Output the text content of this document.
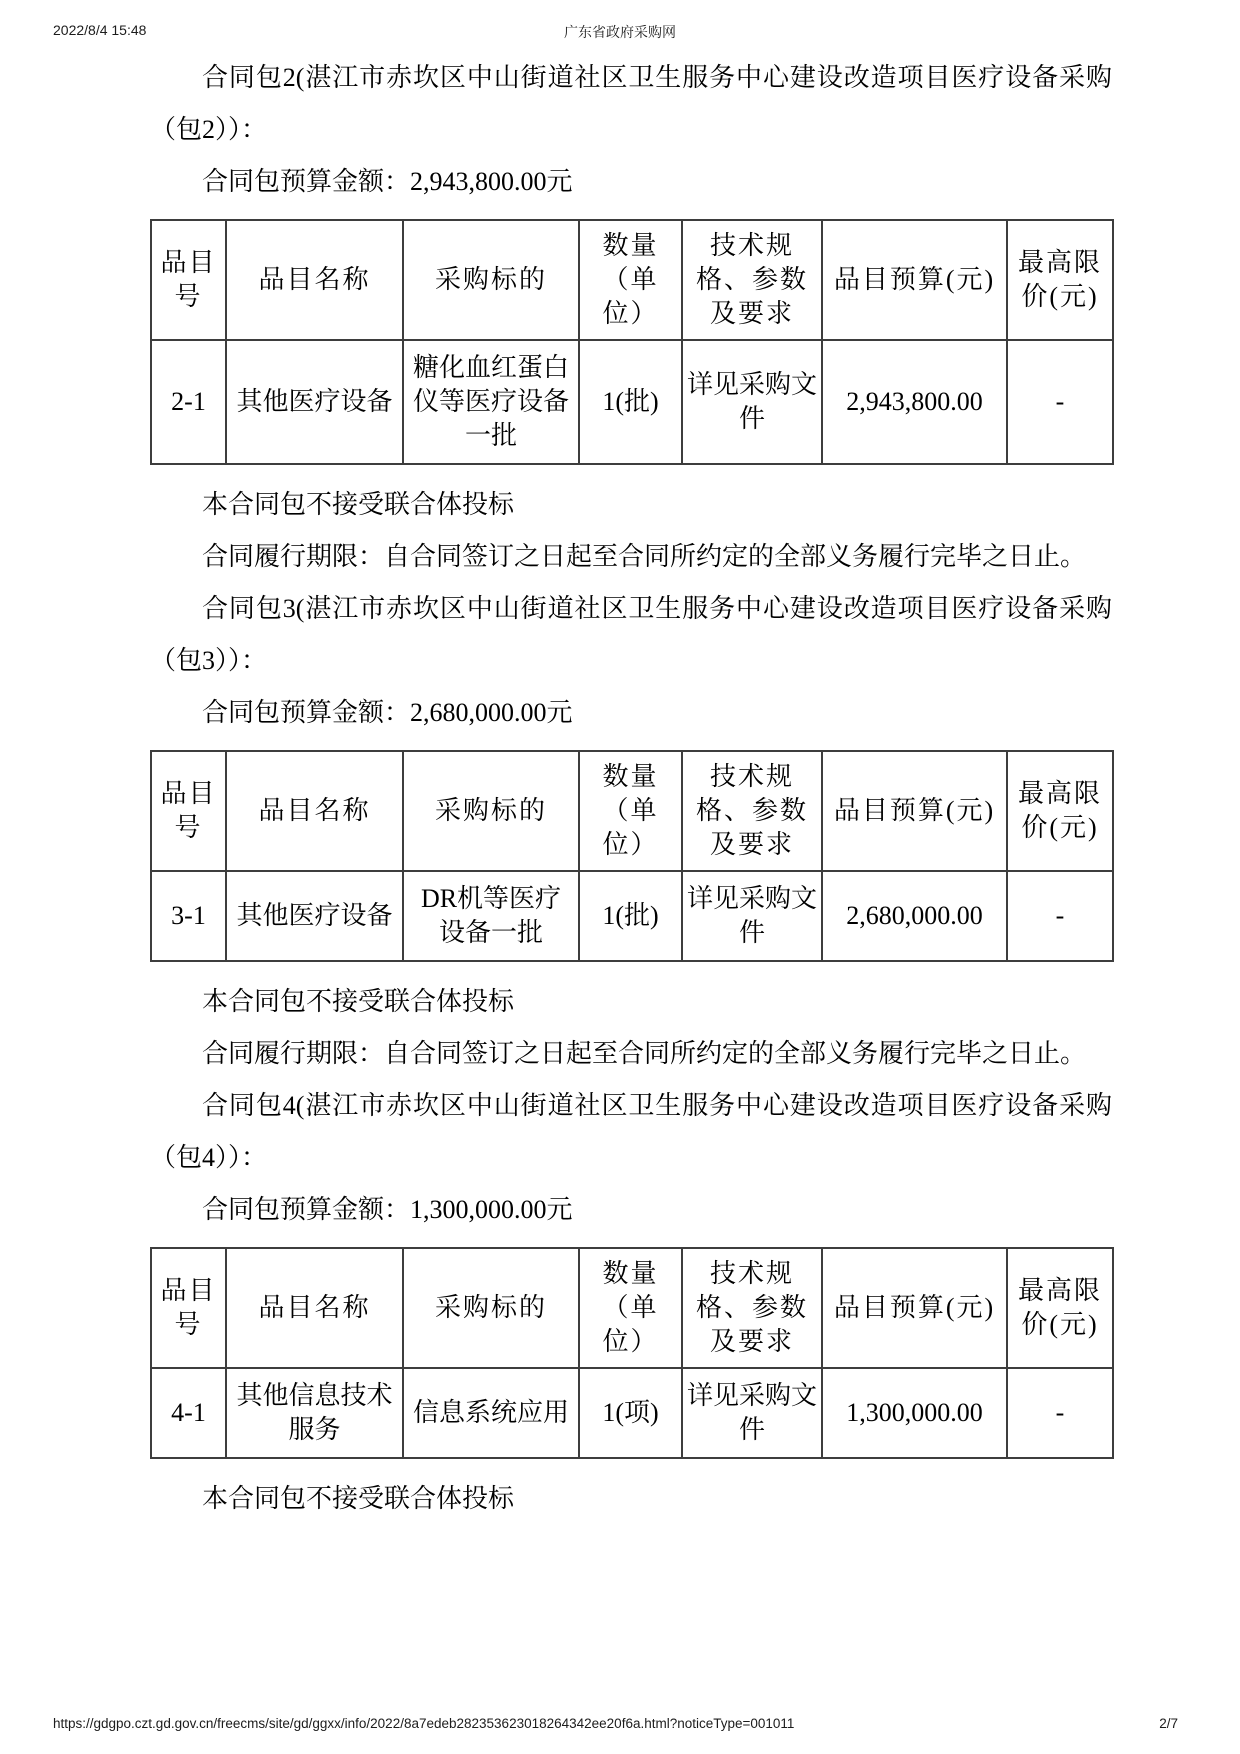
2022/8/4 15:48	广东省政府采购网

合同包2(湛江市赤坎区中山街道社区卫生服务中心建设改造项目医疗设备采购（包2））：

合同包预算金额：2,943,800.00元

品目号	品目名称	采购标的	数量（单位）	技术规格、参数及要求	品目预算(元)	最高限价(元)
2-1	其他医疗设备	糖化血红蛋白仪等医疗设备一批	1(批)	详见采购文件	2,943,800.00	-

本合同包不接受联合体投标

合同履行期限：自合同签订之日起至合同所约定的全部义务履行完毕之日止。

合同包3(湛江市赤坎区中山街道社区卫生服务中心建设改造项目医疗设备采购（包3））：

合同包预算金额：2,680,000.00元

品目号	品目名称	采购标的	数量（单位）	技术规格、参数及要求	品目预算(元)	最高限价(元)
3-1	其他医疗设备	DR机等医疗设备一批	1(批)	详见采购文件	2,680,000.00	-

本合同包不接受联合体投标

合同履行期限：自合同签订之日起至合同所约定的全部义务履行完毕之日止。

合同包4(湛江市赤坎区中山街道社区卫生服务中心建设改造项目医疗设备采购（包4））：

合同包预算金额：1,300,000.00元

品目号	品目名称	采购标的	数量（单位）	技术规格、参数及要求	品目预算(元)	最高限价(元)
4-1	其他信息技术服务	信息系统应用	1(项)	详见采购文件	1,300,000.00	-

本合同包不接受联合体投标

https://gdgpo.czt.gd.gov.cn/freecms/site/gd/ggxx/info/2022/8a7edeb282353623018264342ee20f6a.html?noticeType=001011	2/7
